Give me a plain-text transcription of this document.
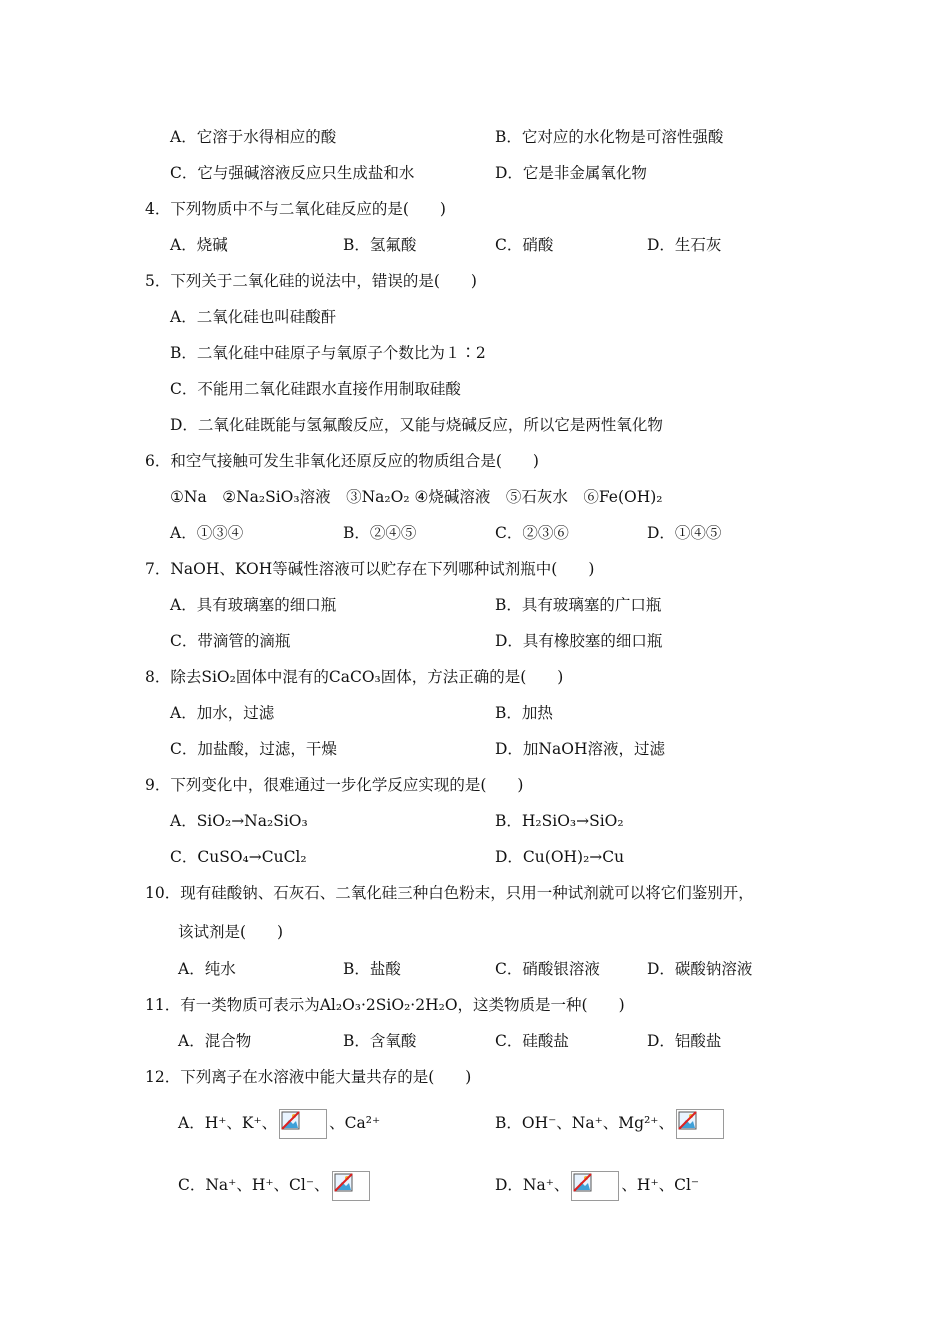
A．它溶于水得相应的酸	B．它对应的水化物是可溶性强酸
C．它与强碱溶液反应只生成盐和水	D．它是非金属氧化物
4．下列物质中不与二氧化硅反应的是(　　)
A．烧碱	B．氢氟酸	C．硝酸	D．生石灰
5．下列关于二氧化硅的说法中，错误的是(　　)
A．二氧化硅也叫硅酸酐
B．二氧化硅中硅原子与氧原子个数比为１∶2
C．不能用二氧化硅跟水直接作用制取硅酸
D．二氧化硅既能与氢氟酸反应，又能与烧碱反应，所以它是两性氧化物
6．和空气接触可发生非氧化还原反应的物质组合是(　　)
①Na　②Na₂SiO₃溶液　③Na₂O₂ ④烧碱溶液　⑤石灰水　⑥Fe(OH)₂
A．①③④	B．②④⑤	C．②③⑥	D．①④⑤
7．NaOH、KOH等碱性溶液可以贮存在下列哪种试剂瓶中(　　)
A．具有玻璃塞的细口瓶	B．具有玻璃塞的广口瓶
C．带滴管的滴瓶	D．具有橡胶塞的细口瓶
8．除去SiO₂固体中混有的CaCO₃固体，方法正确的是(　　)
A．加水，过滤	B．加热
C．加盐酸，过滤，干燥	D．加NaOH溶液，过滤
9．下列变化中，很难通过一步化学反应实现的是(　　)
A．SiO₂→Na₂SiO₃	B．H₂SiO₃→SiO₂
C．CuSO₄→CuCl₂	D．Cu(OH)₂→Cu
10．现有硅酸钠、石灰石、二氧化硅三种白色粉末，只用一种试剂就可以将它们鉴别开，
该试剂是(　　)
A．纯水	B．盐酸	C．硝酸银溶液	D．碳酸钠溶液
11．有一类物质可表示为Al₂O₃·2SiO₂·2H₂O，这类物质是一种(　　)
A．混合物	B．含氧酸	C．硅酸盐	D．铝酸盐
12．下列离子在水溶液中能大量共存的是(　　)
A．H⁺、K⁺、	、Ca²⁺	B．OH⁻、Na⁺、Mg²⁺、
C．Na⁺、H⁺、Cl⁻、	D．Na⁺、	、H⁺、Cl⁻
